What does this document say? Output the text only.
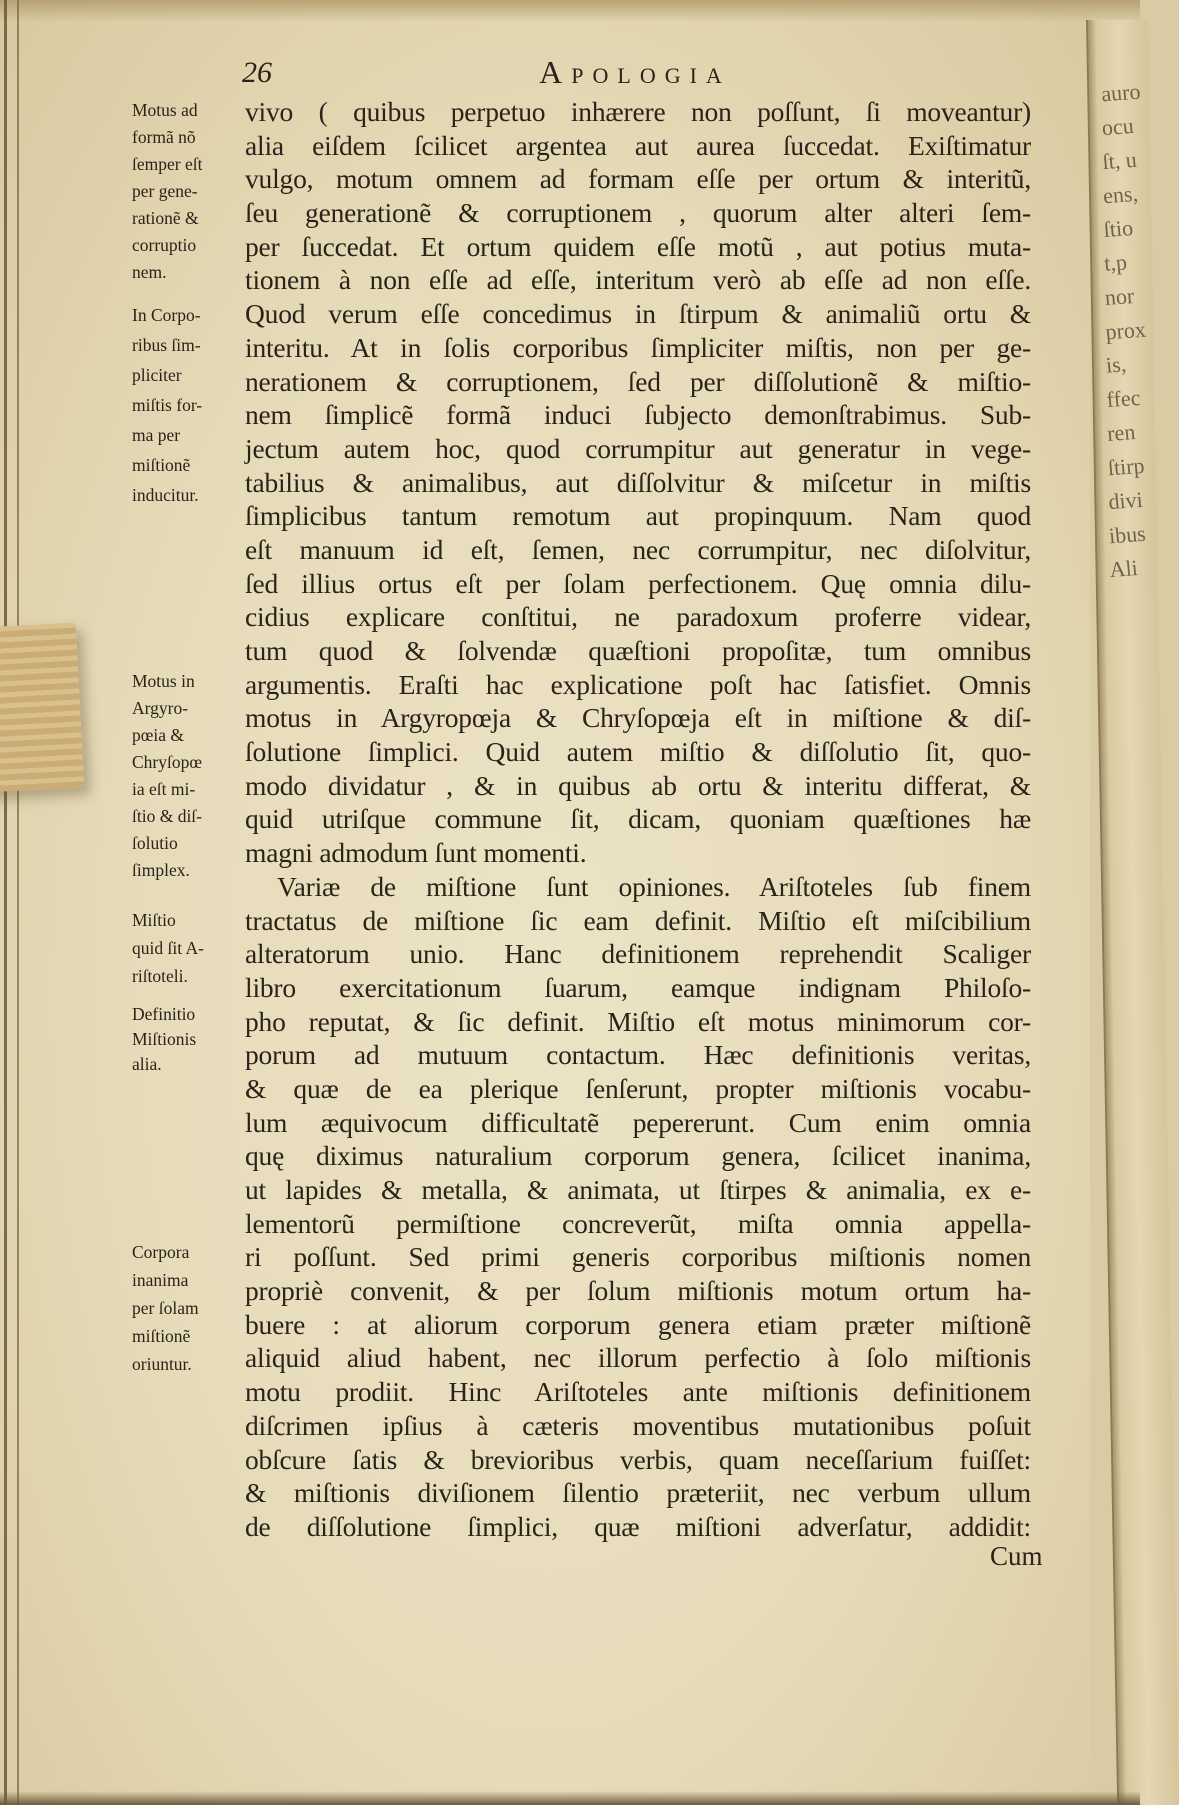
auro
ocu
ſt, u
ens,
ſtio
t,p
nor
prox
is,
ffec
ren
ſtirp
divi
ibus
Ali
26	Apologia
vivo ( quibus perpetuo inhærere non poſſunt, ſi moveantur)
alia eiſdem ſcilicet argentea aut aurea ſuccedat. Exiſtimatur
vulgo, motum omnem ad formam eſſe per ortum & interitũ,
ſeu generationẽ & corruptionem , quorum alter alteri ſem-
per ſuccedat. Et ortum quidem eſſe motũ , aut potius muta-
tionem à non eſſe ad eſſe, interitum verò ab eſſe ad non eſſe.
Quod verum eſſe concedimus in ſtirpum & animaliũ ortu &
interitu. At in ſolis corporibus ſimpliciter miſtis, non per ge-
nerationem & corruptionem, ſed per diſſolutionẽ & miſtio-
nem ſimplicẽ formã induci ſubjecto demonſtrabimus. Sub-
jectum autem hoc, quod corrumpitur aut generatur in vege-
tabilius & animalibus, aut diſſolvitur & miſcetur in miſtis
ſimplicibus tantum remotum aut propinquum. Nam quod
eſt manuum id eſt, ſemen, nec corrumpitur, nec diſolvitur,
ſed illius ortus eſt per ſolam perfectionem. Quę omnia dilu-
cidius explicare conſtitui, ne paradoxum proferre videar,
tum quod & ſolvendæ quæſtioni propoſitæ, tum omnibus
argumentis. Eraſti hac explicatione poſt hac ſatisfiet. Omnis
motus in Argyropœja & Chryſopœja eſt in miſtione & diſ-
ſolutione ſimplici. Quid autem miſtio & diſſolutio ſit, quo-
modo dividatur , & in quibus ab ortu & interitu differat, &
quid utriſque commune ſit, dicam, quoniam quæſtiones hæ
magni admodum ſunt momenti.
Variæ de miſtione ſunt opiniones. Ariſtoteles ſub finem
tractatus de miſtione ſic eam definit. Miſtio eſt miſcibilium
alteratorum unio. Hanc definitionem reprehendit Scaliger
libro exercitationum ſuarum, eamque indignam Philoſo-
pho reputat, & ſic definit. Miſtio eſt motus minimorum cor-
porum ad mutuum contactum. Hæc definitionis veritas,
& quæ de ea plerique ſenſerunt, propter miſtionis vocabu-
lum æquivocum difficultatẽ pepererunt. Cum enim omnia
quę diximus naturalium corporum genera, ſcilicet inanima,
ut lapides & metalla, & animata, ut ſtirpes & animalia, ex e-
lementorũ permiſtione concreverũt, miſta omnia appella-
ri poſſunt. Sed primi generis corporibus miſtionis nomen
propriè convenit, & per ſolum miſtionis motum ortum ha-
buere : at aliorum corporum genera etiam præter miſtionẽ
aliquid aliud habent, nec illorum perfectio à ſolo miſtionis
motu prodiit. Hinc Ariſtoteles ante miſtionis definitionem
diſcrimen ipſius à cæteris moventibus mutationibus poſuit
obſcure ſatis & brevioribus verbis, quam neceſſarium fuiſſet:
& miſtionis diviſionem ſilentio præteriit, nec verbum ullum
de diſſolutione ſimplici, quæ miſtioni adverſatur, addidit:
Motus ad
formã nõ
ſemper eſt
per gene-
rationẽ &
corruptio
nem.
In Corpo-
ribus ſim-
pliciter
miſtis for-
ma per
miſtionẽ
inducitur.
Motus in
Argyro-
pœia &
Chryſopœ
ia eſt mi-
ſtio & diſ-
ſolutio
ſimplex.
Miſtio
quid ſit A-
riſtoteli.
Definitio
Miſtionis
alia.
Corpora
inanima
per ſolam
miſtionẽ
oriuntur.
Cum
